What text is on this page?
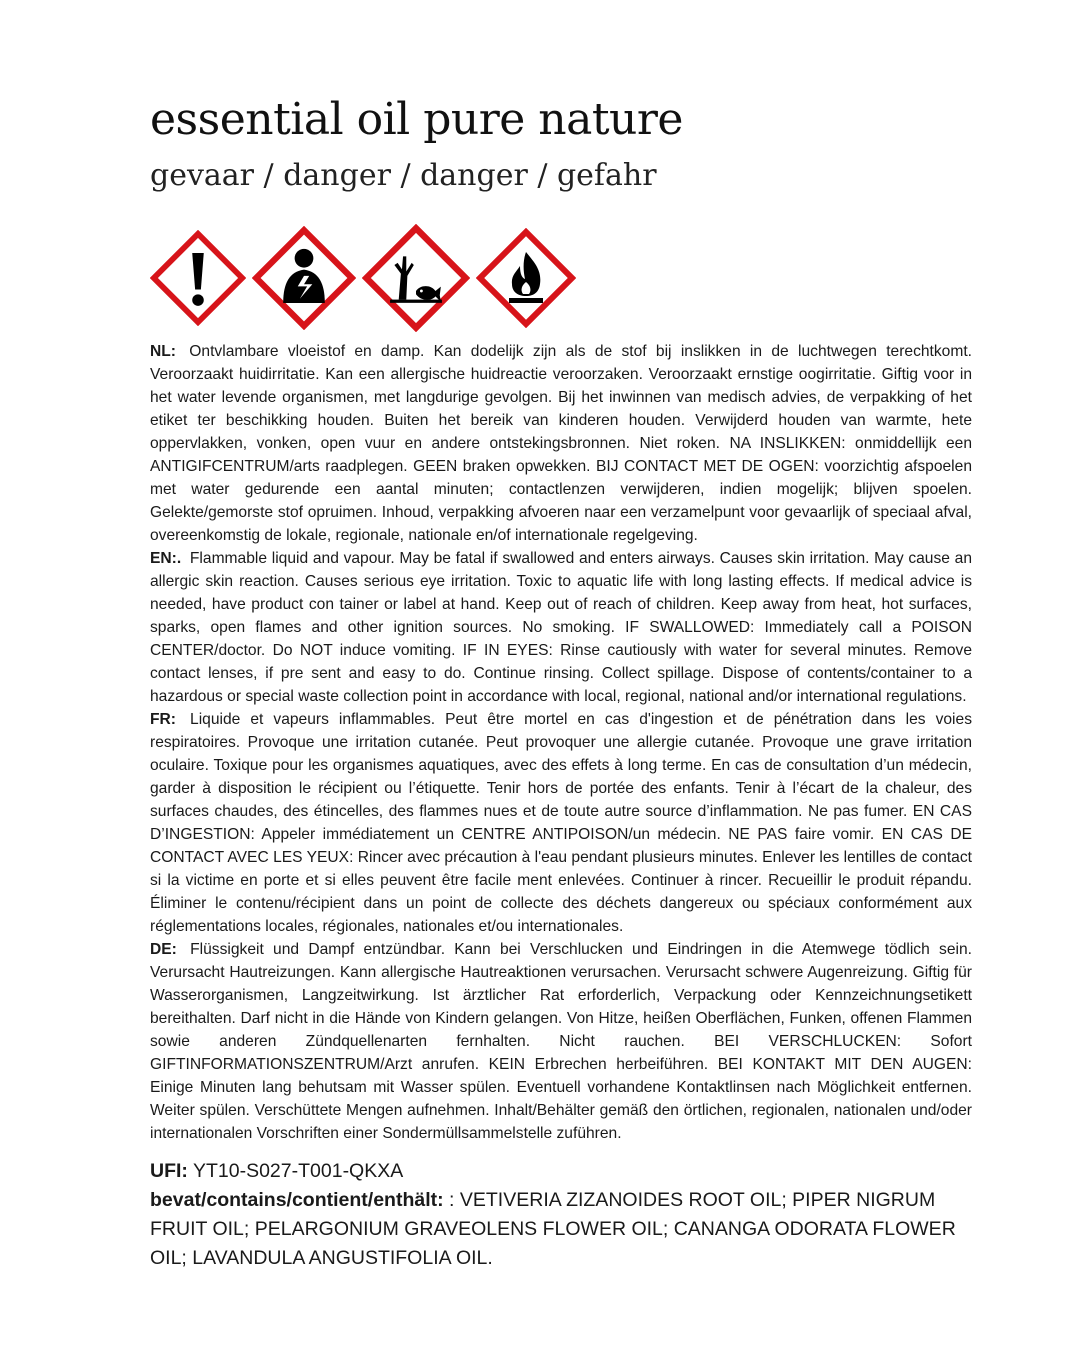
essential oil pure nature
gevaar / danger / danger / gefahr

NL: Ontvlambare vloeistof en damp. Kan dodelijk zijn als de stof bij inslikken in de luchtwegen terechtkomt. Veroorzaakt huidirritatie. Kan een allergische huidreactie veroorzaken. Veroorzaakt ernstige oogirritatie. Giftig voor in het water levende organismen, met langdurige gevolgen. Bij het inwinnen van medisch advies, de verpakking of het etiket ter beschikking houden. Buiten het bereik van kinderen houden. Verwijderd houden van warmte, hete oppervlakken, vonken, open vuur en andere ontstekingsbronnen. Niet roken. NA INSLIKKEN: onmiddellijk een ANTIGIFCENTRUM/arts raadplegen. GEEN braken opwekken. BIJ CONTACT MET DE OGEN: voorzichtig afspoelen met water gedurende een aantal minuten; contactlenzen verwijderen, indien mogelijk; blijven spoelen. Gelekte/gemorste stof opruimen. Inhoud, verpakking afvoeren naar een verzamelpunt voor gevaarlijk of speciaal afval, overeenkomstig de lokale, regionale, nationale en/of internationale regelgeving.

EN:. Flammable liquid and vapour. May be fatal if swallowed and enters airways. Causes skin irritation. May cause an allergic skin reaction. Causes serious eye irritation. Toxic to aquatic life with long lasting effects. If medical advice is needed, have product con tainer or label at hand. Keep out of reach of children. Keep away from heat, hot surfaces, sparks, open flames and other ignition sources. No smoking. IF SWALLOWED: Immediately call a POISON CENTER/doctor. Do NOT induce vomiting. IF IN EYES: Rinse cautiously with water for several minutes. Remove contact lenses, if pre sent and easy to do. Continue rinsing. Collect spillage. Dispose of contents/container to a hazardous or special waste collection point in accordance with local, regional, national and/or international regulations.

FR: Liquide et vapeurs inflammables. Peut être mortel en cas d'ingestion et de pénétration dans les voies respiratoires. Provoque une irritation cutanée. Peut provoquer une allergie cutanée. Provoque une grave irritation oculaire. Toxique pour les organismes aquatiques, avec des effets à long terme. En cas de consultation d’un médecin, garder à disposition le récipient ou l’étiquette. Tenir hors de portée des enfants. Tenir à l’écart de la chaleur, des surfaces chaudes, des étincelles, des flammes nues et de toute autre source d’inflammation. Ne pas fumer. EN CAS D’INGESTION: Appeler immédiatement un CENTRE ANTIPOISON/un médecin. NE PAS faire vomir. EN CAS DE CONTACT AVEC LES YEUX: Rincer avec précaution à l'eau pendant plusieurs minutes. Enlever les lentilles de contact si la victime en porte et si elles peuvent être facile ment enlevées. Continuer à rincer. Recueillir le produit répandu. Éliminer le contenu/récipient dans un point de collecte des déchets dangereux ou spéciaux conformément aux réglementations locales, régionales, nationales et/ou internationales.

DE: Flüssigkeit und Dampf entzündbar. Kann bei Verschlucken und Eindringen in die Atemwege tödlich sein. Verursacht Hautreizungen. Kann allergische Hautreaktionen verursachen. Verursacht schwere Augenreizung. Giftig für Wasserorganismen, Langzeitwirkung. Ist ärztlicher Rat erforderlich, Verpackung oder Kennzeichnungsetikett bereithalten. Darf nicht in die Hände von Kindern gelangen. Von Hitze, heißen Oberflächen, Funken, offenen Flammen sowie anderen Zündquellenarten fernhalten. Nicht rauchen. BEI VERSCHLUCKEN: Sofort GIFTINFORMATIONSZENTRUM/Arzt anrufen. KEIN Erbrechen herbeiführen. BEI KONTAKT MIT DEN AUGEN: Einige Minuten lang behutsam mit Wasser spülen. Eventuell vorhandene Kontaktlinsen nach Möglichkeit entfernen. Weiter spülen. Verschüttete Mengen aufnehmen. Inhalt/Behälter gemäß den örtlichen, regionalen, nationalen und/oder internationalen Vorschriften einer Sondermüllsammelstelle zuführen.

UFI: YT10-S027-T001-QKXA
bevat/contains/contient/enthält: : VETIVERIA ZIZANOIDES ROOT OIL; PIPER NIGRUM FRUIT OIL; PELARGONIUM GRAVEOLENS FLOWER OIL; CANANGA ODORATA FLOWER OIL; LAVANDULA ANGUSTIFOLIA OIL.
